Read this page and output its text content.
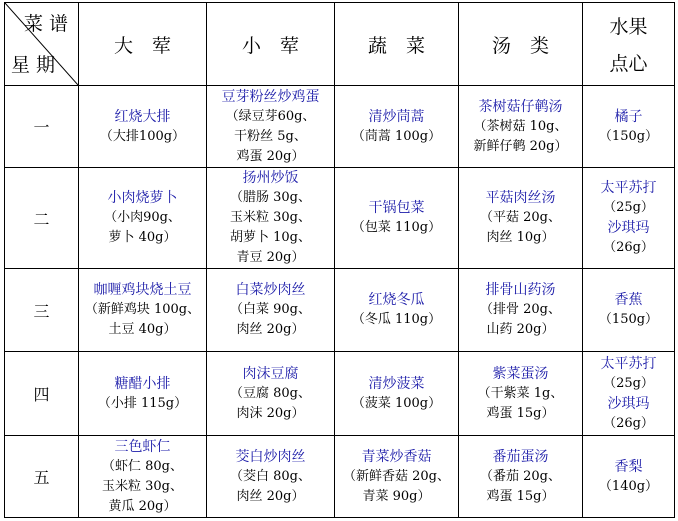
菜 谱
星 期	大　荤	小　荤	蔬　菜	汤　类	水果
点心

一	红烧大排
（大排100g）	豆芽粉丝炒鸡蛋
（绿豆芽60g、
干粉丝 5g、
鸡蛋 20g）	清炒茼蒿
（茼蒿 100g）	茶树菇仔鹌汤
（茶树菇 10g、
新鲜仔鹌 20g）	橘子
（150g）

二	小肉烧萝卜
（小肉90g、
萝卜 40g）	扬州炒饭
（腊肠 30g、
玉米粒 30g、
胡萝卜 10g、
青豆 20g）	干锅包菜
（包菜 110g）	平菇肉丝汤
（平菇 20g、
肉丝 10g）	太平苏打
（25g）
沙琪玛
（26g）

三	咖喱鸡块烧土豆
（新鲜鸡块 100g、
土豆 40g）	白菜炒肉丝
（白菜 90g、
肉丝 20g）	红烧冬瓜
（冬瓜 110g）	排骨山药汤
（排骨 20g、
山药 20g）	香蕉
（150g）

四	糖醋小排
（小排 115g）	肉沫豆腐
（豆腐 80g、
肉沫 20g）	清炒菠菜
（菠菜 100g）	紫菜蛋汤
（干紫菜 1g、
鸡蛋 15g）	太平苏打
（25g）
沙琪玛
（26g）

五	三色虾仁
（虾仁 80g、
玉米粒 30g、
黄瓜 20g）	茭白炒肉丝
（茭白 80g、
肉丝 20g）	青菜炒香菇
（新鲜香菇 20g、
青菜 90g）	番茄蛋汤
（番茄 20g、
鸡蛋 15g）	香梨
（140g）
